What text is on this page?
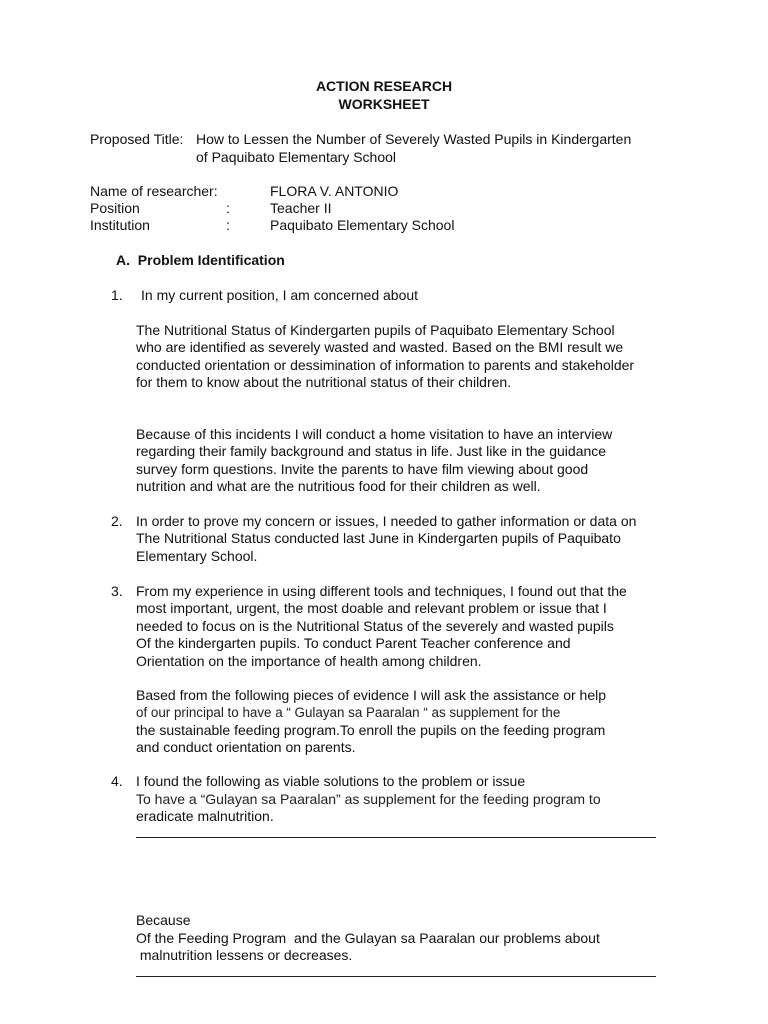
ACTION RESEARCH
WORKSHEET
Proposed Title: How to Lessen the Number of Severely Wasted Pupils in Kindergarten
of Paquibato Elementary School
Name of researcher:	FLORA V. ANTONIO
Position	:	Teacher II
Institution	:	Paquibato Elementary School
A.  Problem Identification
1. In my current position, I am concerned about
The Nutritional Status of Kindergarten pupils of Paquibato Elementary School
who are identified as severely wasted and wasted. Based on the BMI result we
conducted orientation or dessimination of information to parents and stakeholder
for them to know about the nutritional status of their children.
Because of this incidents I will conduct a home visitation to have an interview
regarding their family background and status in life. Just like in the guidance
survey form questions. Invite the parents to have film viewing about good
nutrition and what are the nutritious food for their children as well.
2. In order to prove my concern or issues, I needed to gather information or data on
The Nutritional Status conducted last June in Kindergarten pupils of Paquibato
Elementary School.
3. From my experience in using different tools and techniques, I found out that the
most important, urgent, the most doable and relevant problem or issue that I
needed to focus on is the Nutritional Status of the severely and wasted pupils
Of the kindergarten pupils. To conduct Parent Teacher conference and
Orientation on the importance of health among children.
Based from the following pieces of evidence I will ask the assistance or help
of our principal to have a “ Gulayan sa Paaralan “ as supplement for the
the sustainable feeding program.To enroll the pupils on the feeding program
and conduct orientation on parents.
4. I found the following as viable solutions to the problem or issue
To have a “Gulayan sa Paaralan” as supplement for the feeding program to
eradicate malnutrition.
Because
Of the Feeding Program  and the Gulayan sa Paaralan our problems about
malnutrition lessens or decreases.
